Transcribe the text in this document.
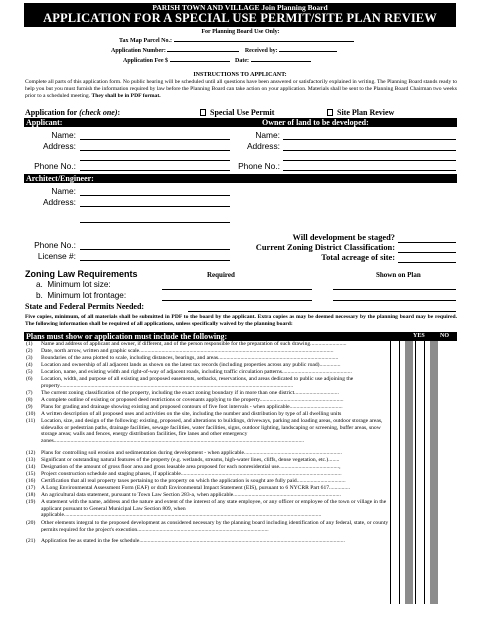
PARISH TOWN AND VILLAGE Join Planning Board
APPLICATION FOR A SPECIAL USE PERMIT/SITE PLAN REVIEW
For Planning Board Use Only:
Tax Map Parcel No.:
Application Number:	Received by:
Application Fee $	Date:
INSTRUCTIONS TO APPLICANT:
Complete all parts of this application form. No public hearing will be scheduled until all questions have been answered or satisfactorily explained in writing. The Planning Board stands ready to help you but you must furnish the information required by law before the Planning Board can take action on your application. Materials shall be sent to the Planning Board Chairman two weeks prior to a scheduled meeting. They shall be in PDF format.
Application for (check one):	Special Use Permit	Site Plan Review
Applicant:	Owner of land to be developed:
Name:
Address:
Phone No.:
Name:
Address:
Phone No.:
Architect/Engineer:
Name:
Address:
Phone No.:
License #:
Will development be staged?
Current Zoning District Classification:
Total acreage of site:
Zoning Law Requirements	Required	Shown on Plan
a. Minimum lot size:
b. Minimum lot frontage:
State and Federal Permits Needed:
Five copies, minimum, of all materials shall be submitted in PDF to the board by the applicant. Extra copies as may be deemed necessary by the planning board may be required. The following information shall be required of all applications, unless specifically waived by the planning board:
Plans must show or application must include the following:	YES	NO
(1) Name and address of applicant and owner, if different, and of the person responsible for the preparation of such drawing..........................
(2) Date, north arrow, written and graphic scale...........................................................................................................................................
(3) Boundaries of the area plotted to scale, including distances, bearings, and areas......................................................................................
(4) Location and ownership of all adjacent lands as shown on the latest tax records (including properties across any public road)...............
(5) Location, name, and existing width and right-of-way of adjacent roads, including traffic circulation patterns..................................................
(6) Location, width, and purpose of all existing and proposed easements, setbacks, reservations, and areas dedicated to public use adjoining the property.......................................................................................................................................................................
(7) The current zoning classification of the property, including the exact zoning boundary if in more than one district................................
(8) A complete outline of existing or proposed deed restrictions or covenants applying to the property............................................................
(9) Plans for grading and drainage showing existing and proposed contours of five foot intervals - when applicable......................................
(10) A written description of all proposed uses and activities on the site, including the number and distribution by type of all dwelling units
(11) Location, size, and design of the following: existing, proposed, and alterations to buildings, driveways, parking and loading areas, outdoor storage areas, sidewalks or pedestrian paths, drainage facilities, sewage facilities, water facilities, signs, outdoor lighting, landscaping or screening, buffer areas, snow storage areas; walls and fences, energy distribution facilities, fire lanes and other emergency zones...................................................................................................................................................................................
(12) Plans for controlling soil erosion and sedimentation during development - when applicable......................................................................
(13) Significant or outstanding natural features of the property (e.g. wetlands, streams, high-water lines, cliffs, dense vegetation, etc.)........
(14) Designation of the amount of gross floor area and gross leasable area proposed for each nonresidential use...........................................,
(15) Project construction schedule and staging phases, if applicable...................................................................................................................
(16) Certification that all real property taxes pertaining to the property on which the application is sought are fully paid...................................
(17) A Long Environmental Assessment Form (EAF) or draft Environmental Impact Statement (EIS), pursuant to 6 NYCRR Part 617...............
(18) An agricultural data statement, pursuant to Town Law Section 283-a, when applicable.............................................................................
(19) A statement with the name, address and the nature and extent of the interest of any state employee, or any officer or employee of the town or village in the applicant pursuant to General Municipal Law Section 809, when applicable........................................................................................................................................................................................
(20) Other elements integral to the proposed development as considered necessary by the planning board including identification of any federal, state, or county permits required for the project's execution..............................................................................................
(21) Application fee as stated in the fee schedule...................................................................................................................................................
